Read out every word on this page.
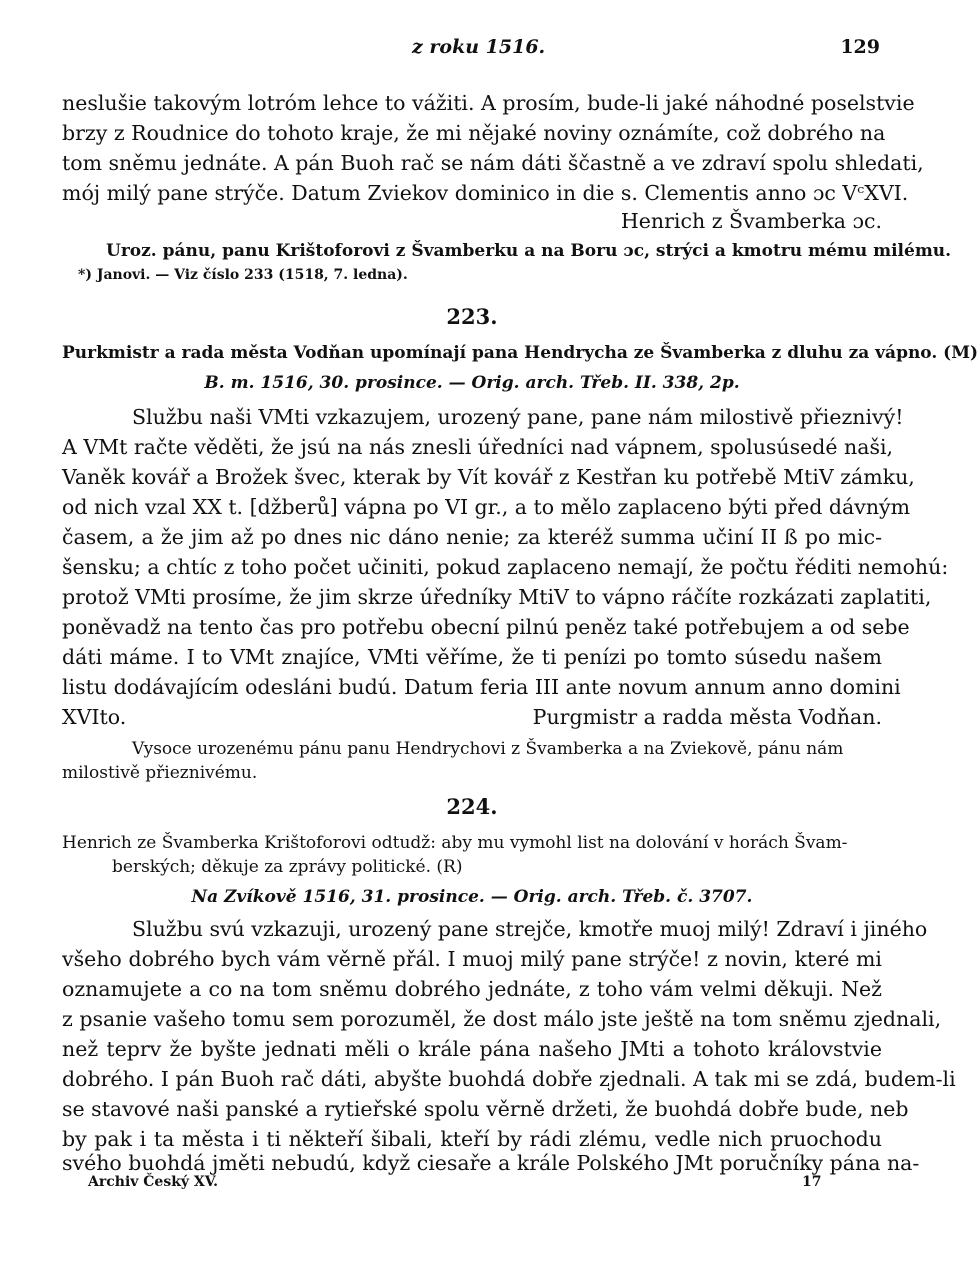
z roku 1516.	129
neslušie takovým lotróm lehce to vážiti. A prosím, bude-li jaké náhodné poselstvie
brzy z Roudnice do tohoto kraje, že mi nějaké noviny oznámíte, což dobrého na
tom sněmu jednáte. A pán Buoh rač se nám dáti ščastně a ve zdraví spolu shledati,
mój milý pane strýče. Datum Zviekov dominico in die s. Clementis anno ɔc VᶜXVI.
Henrich z Švamberka ɔc.
Uroz. pánu, panu Krištoforovi z Švamberku a na Boru ɔc, strýci a kmotru mému milému.
*) Janovi. — Viz číslo 233 (1518, 7. ledna).
223.
Purkmistr a rada města Vodňan upomínají pana Hendrycha ze Švamberka z dluhu za vápno. (M)
B. m. 1516, 30. prosince. — Orig. arch. Třeb. II. 338, 2p.
Službu naši VMti vzkazujem, urozený pane, pane nám milostivě přieznivý!
A VMt račte věděti, že jsú na nás znesli úředníci nad vápnem, spolusúsedé naši,
Vaněk kovář a Brožek švec, kterak by Vít kovář z Kestřan ku potřebě MtiV zámku,
od nich vzal XX t. [džberů] vápna po VI gr., a to mělo zaplaceno býti před dávným
časem, a že jim až po dnes nic dáno nenie; za kteréž summa učiní II ß po mic-
šensku; a chtíc z toho počet učiniti, pokud zaplaceno nemají, že počtu řéditi nemohú:
protož VMti prosíme, že jim skrze úředníky MtiV to vápno ráčíte rozkázati zaplatiti,
poněvadž na tento čas pro potřebu obecní pilnú peněz také potřebujem a od sebe
dáti máme. I to VMt znajíce, VMti věříme, že ti penízi po tomto súsedu našem
listu dodávajícím odesláni budú. Datum feria III ante novum annum anno domini
XVIto.	Purgmistr a radda města Vodňan.
Vysoce urozenému pánu panu Hendrychovi z Švamberka a na Zviekově, pánu nám
milostivě přieznivému.
224.
Henrich ze Švamberka Krištoforovi odtudž: aby mu vymohl list na dolování v horách Švam-
berských; děkuje za zprávy politické. (R)
Na Zvíkově 1516, 31. prosince. — Orig. arch. Třeb. č. 3707.
Službu svú vzkazuji, urozený pane strejče, kmotře muoj milý! Zdraví i jiného
všeho dobrého bych vám věrně přál. I muoj milý pane strýče! z novin, které mi
oznamujete a co na tom sněmu dobrého jednáte, z toho vám velmi děkuji. Než
z psanie vašeho tomu sem porozuměl, že dost málo jste ještě na tom sněmu zjednali,
než teprv že byšte jednati měli o krále pána našeho JMti a tohoto královstvie
dobrého. I pán Buoh rač dáti, abyšte buohdá dobře zjednali. A tak mi se zdá, budem-li
se stavové naši panské a rytieřské spolu věrně držeti, že buohdá dobře bude, neb
by pak i ta města i ti někteří šibali, kteří by rádi zlému, vedle nich pruochodu
svého buohdá jměti nebudú, když ciesaře a krále Polského JMt poručníky pána na-
Archiv Český XV.	17
